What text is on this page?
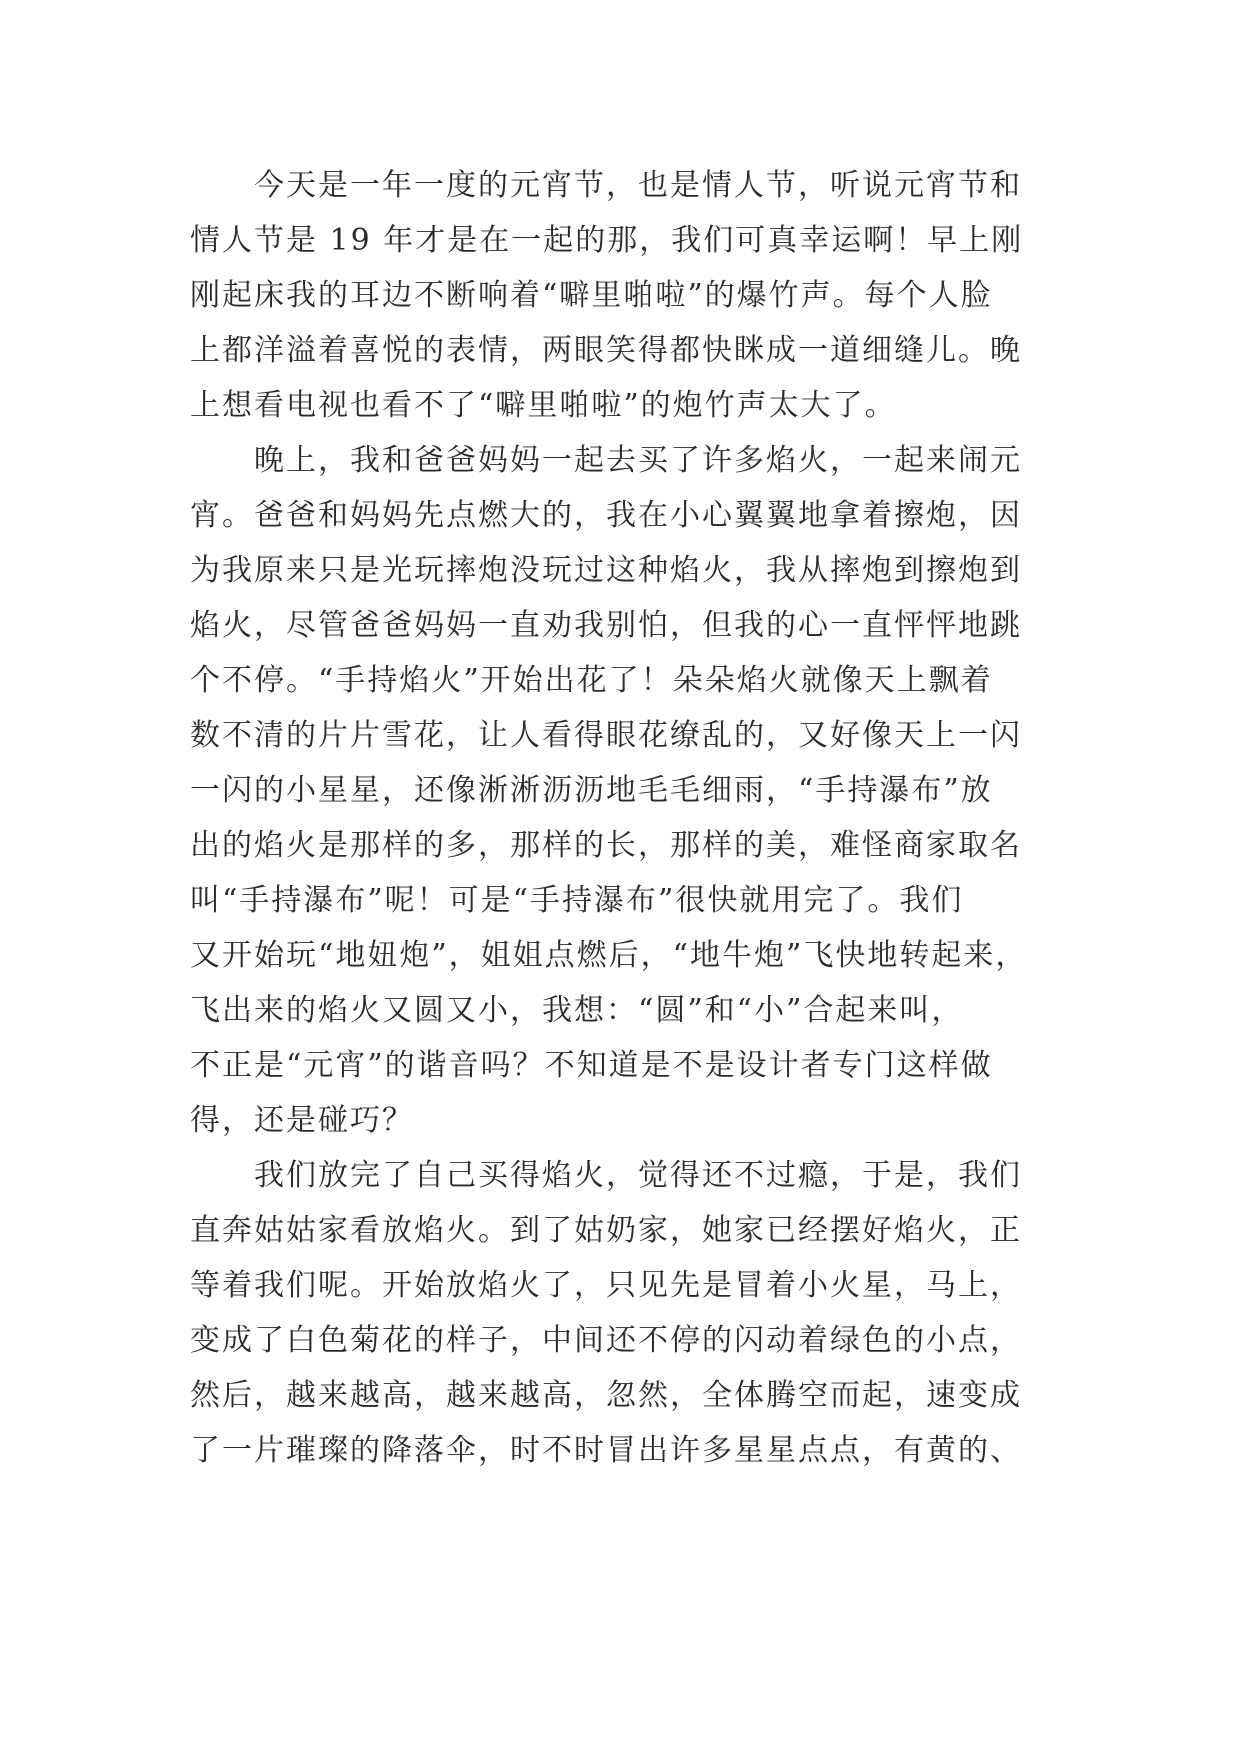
今天是一年一度的元宵节，也是情人节，听说元宵节和
情人节是 19 年才是在一起的那，我们可真幸运啊！早上刚
刚起床我的耳边不断响着“噼里啪啦”的爆竹声。每个人脸
上都洋溢着喜悦的表情，两眼笑得都快眯成一道细缝儿。晚
上想看电视也看不了“噼里啪啦”的炮竹声太大了。
晚上，我和爸爸妈妈一起去买了许多焰火，一起来闹元
宵。爸爸和妈妈先点燃大的，我在小心翼翼地拿着擦炮，因
为我原来只是光玩摔炮没玩过这种焰火，我从摔炮到擦炮到
焰火，尽管爸爸妈妈一直劝我别怕，但我的心一直怦怦地跳
个不停。“手持焰火”开始出花了！朵朵焰火就像天上飘着
数不清的片片雪花，让人看得眼花缭乱的，又好像天上一闪
一闪的小星星，还像淅淅沥沥地毛毛细雨，“手持瀑布”放
出的焰火是那样的多，那样的长，那样的美，难怪商家取名
叫“手持瀑布”呢！可是“手持瀑布”很快就用完了。我们
又开始玩“地妞炮”，姐姐点燃后，“地牛炮”飞快地转起来，
飞出来的焰火又圆又小，我想：“圆”和“小”合起来叫，
不正是“元宵”的谐音吗？不知道是不是设计者专门这样做
得，还是碰巧？
我们放完了自己买得焰火，觉得还不过瘾，于是，我们
直奔姑姑家看放焰火。到了姑奶家，她家已经摆好焰火，正
等着我们呢。开始放焰火了，只见先是冒着小火星，马上，
变成了白色菊花的样子，中间还不停的闪动着绿色的小点，
然后，越来越高，越来越高，忽然，全体腾空而起，速变成
了一片璀璨的降落伞，时不时冒出许多星星点点，有黄的、
